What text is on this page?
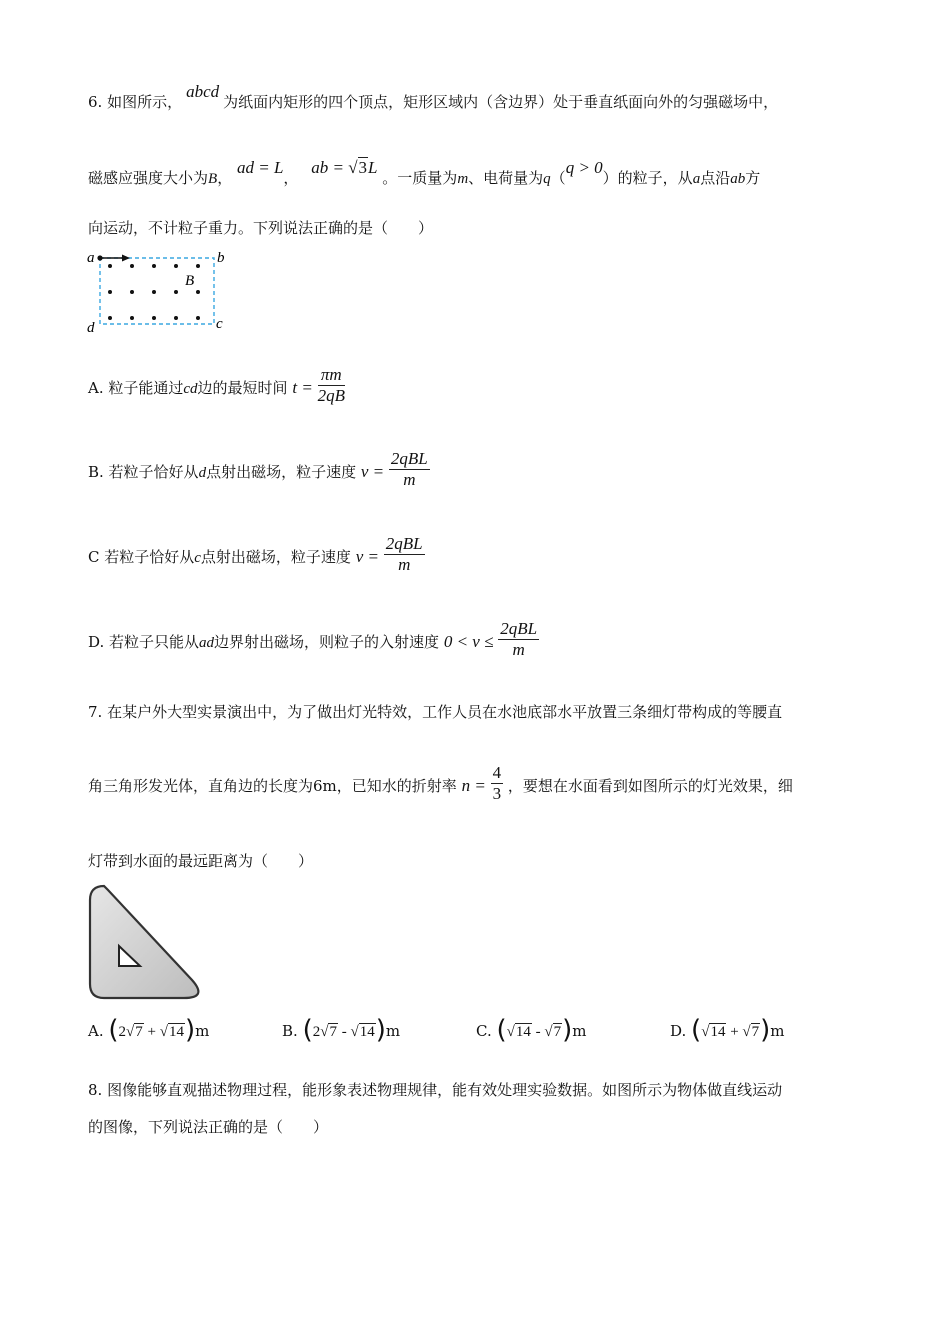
6. 如图所示，abcd为纸面内矩形的四个顶点，矩形区域内（含边界）处于垂直纸面向外的匀强磁场中，
磁感应强度大小为B， ad = L， ab = √3L 。一质量为m、电荷量为q（q > 0）的粒子，从a点沿ab方
向运动，不计粒子重力。下列说法正确的是（　　）
a	b
c
d
B
A. 粒子能通过cd边的最短时间 $t = \frac{\pi m}{2qB}$
B. 若粒子恰好从d点射出磁场，粒子速度 $v = \frac{\text{2qBL}}{m}$
C 若粒子恰好从c点射出磁场，粒子速度 $v = \frac{\text{2qBL}}{m}$
D. 若粒子只能从ad边界射出磁场，则粒子的入射速度 $0 < v \le \frac{\text{2qBL}}{m}$
7. 在某户外大型实景演出中，为了做出灯光特效，工作人员在水池底部水平放置三条细灯带构成的等腰直
角三角形发光体，直角边的长度为6m，已知水的折射率 $n = \frac{4}{3}$ ，要想在水面看到如图所示的灯光效果，细
灯带到水面的最远距离为（　　）
A. (2√7 + √14)m	B. (2√7 - √14)m	C. (√14 - √7)m	D. (√14 + √7)m
8. 图像能够直观描述物理过程，能形象表述物理规律，能有效处理实验数据。如图所示为物体做直线运动
的图像，下列说法正确的是（　　）
